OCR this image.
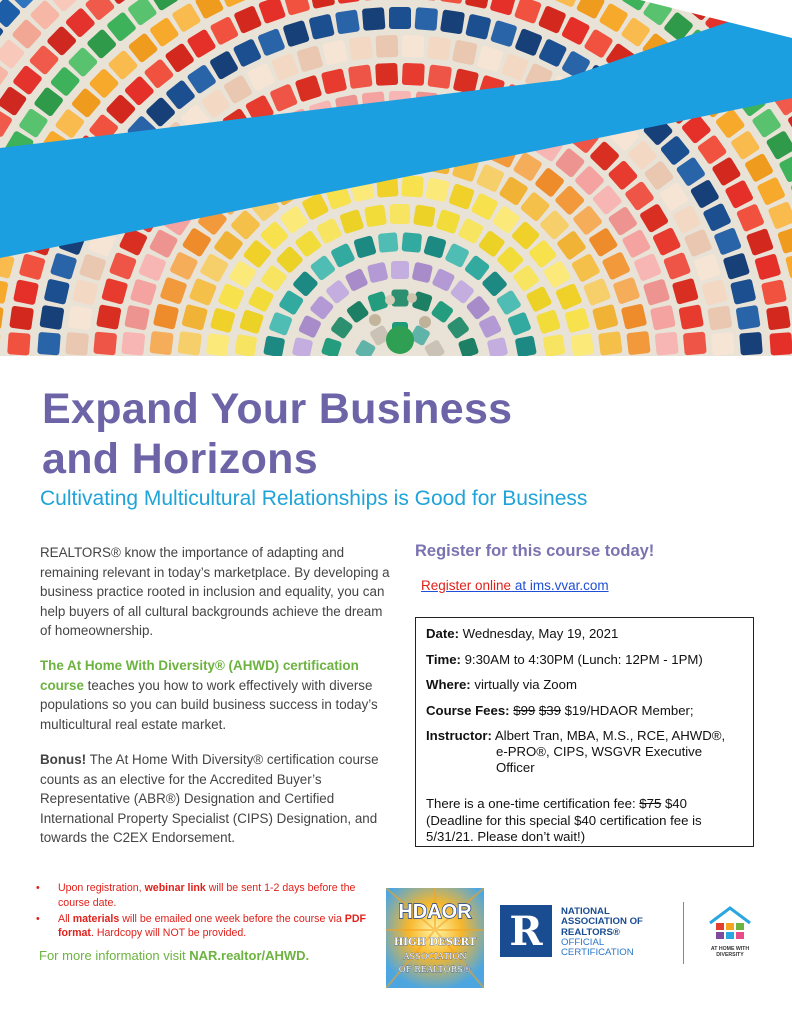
Expand Your Business
and Horizons
Cultivating Multicultural Relationships is Good for Business

REALTORS® know the importance of adapting and remaining relevant in today’s marketplace. By developing a business practice rooted in inclusion and equality, you can help buyers of all cultural backgrounds achieve the dream of homeownership.

The At Home With Diversity® (AHWD) certification course teaches you how to work effectively with diverse populations so you can build business success in today’s multicultural real estate market.

Bonus! The At Home With Diversity® certification course counts as an elective for the Accredited Buyer’s Representative (ABR®) Designation and Certified International Property Specialist (CIPS) Designation, and towards the C2EX Endorsement.

Register for this course today!
Register online at ims.vvar.com
Date: Wednesday, May 19, 2021
Time: 9:30AM to 4:30PM (Lunch: 12PM - 1PM)
Where: virtually via Zoom
Course Fees: $99 $39 $19/HDAOR Member;
Instructor: Albert Tran, MBA, M.S., RCE, AHWD®,
e-PRO®, CIPS, WSGVR Executive Officer
There is a one-time certification fee: $75 $40
(Deadline for this special $40 certification fee is 5/31/21. Please don’t wait!)
• Upon registration, webinar link will be sent 1-2 days before the course date.
• All materials will be emailed one week before the course via PDF format. Hardcopy will NOT be provided.
For more information visit NAR.realtor/AHWD.
HDAOR
HIGH DESERT
ASSOCIATION
OF REALTORS®
R	NATIONAL
ASSOCIATION OF
REALTORS®
OFFICIAL
CERTIFICATION	AT HOME WITH
DIVERSITY
